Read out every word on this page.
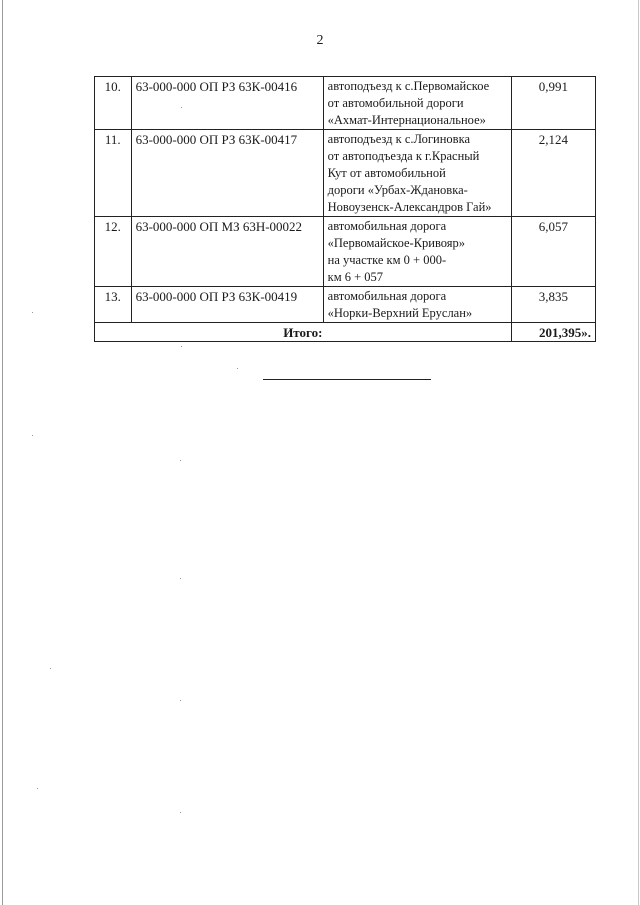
2
10.	63-000-000 ОП РЗ 63К-00416	автоподъезд к с.Первомайское
от автомобильной дороги
«Ахмат-Интернациональное»	0,991
11.	63-000-000 ОП РЗ 63К-00417	автоподъезд к с.Логиновка
от автоподъезда к г.Красный
Кут от автомобильной
дороги «Урбах-Ждановка-
Новоузенск-Александров Гай»	2,124
12.	63-000-000 ОП МЗ 63Н-00022	автомобильная дорога
«Первомайское-Кривояр»
на участке км 0 + 000-
км 6 + 057	6,057
13.	63-000-000 ОП РЗ 63К-00419	автомобильная дорога
«Норки-Верхний Еруслан»	3,835
Итого:			201,395».
